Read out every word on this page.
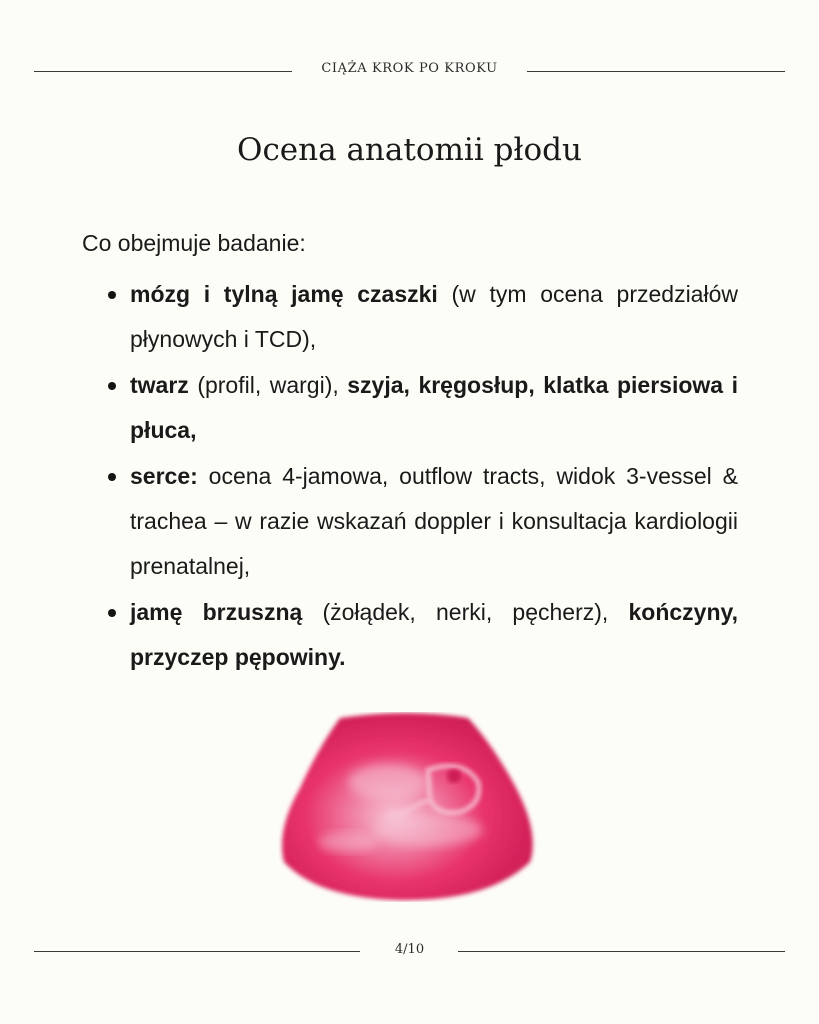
CIĄŻA KROK PO KROKU
Ocena anatomii płodu
Co obejmuje badanie:
mózg i tylną jamę czaszki (w tym ocena przedziałów płynowych i TCD),
twarz (profil, wargi), szyja, kręgosłup, klatka piersiowa i płuca,
serce: ocena 4-jamowa, outflow tracts, widok 3-vessel & trachea – w razie wskazań doppler i konsultacja kardiologii prenatalnej,
jamę brzuszną (żołądek, nerki, pęcherz), kończyny, przyczep pępowiny.
4/10
